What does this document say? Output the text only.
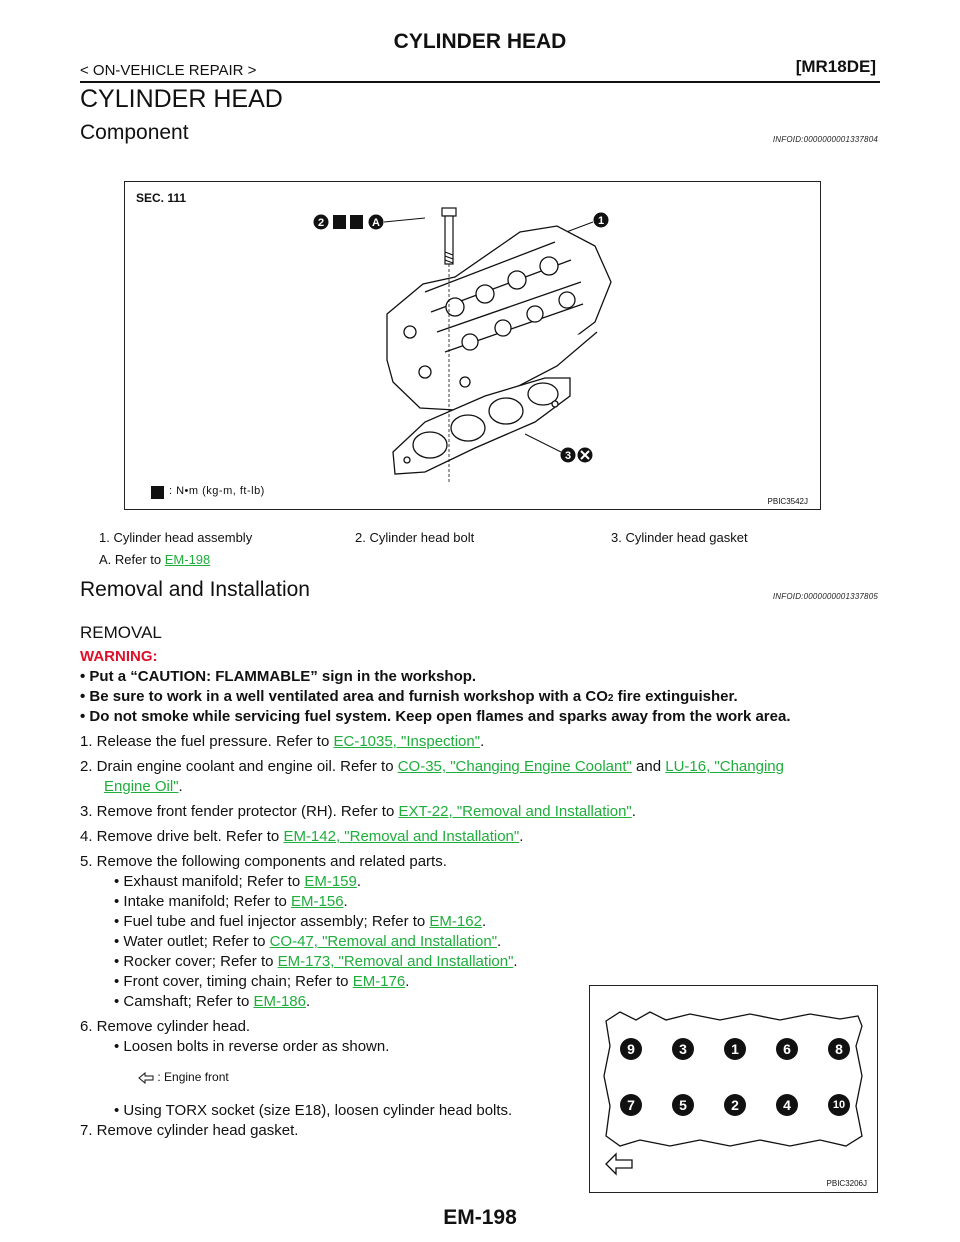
CYLINDER HEAD
< ON-VEHICLE REPAIR >	[MR18DE]
CYLINDER HEAD
Component	INFOID:0000000001337804
SEC. 111
2	A	1
3
: N•m (kg-m, ft-lb)
PBIC3542J
1. Cylinder head assembly	2. Cylinder head bolt	3. Cylinder head gasket
A. Refer to EM-198
Removal and Installation	INFOID:0000000001337805
REMOVAL
WARNING:
• Put a “CAUTION: FLAMMABLE” sign in the workshop.
• Be sure to work in a well ventilated area and furnish workshop with a CO2 fire extinguisher.
• Do not smoke while servicing fuel system. Keep open flames and sparks away from the work area.
1. Release the fuel pressure. Refer to EC-1035, "Inspection".
2. Drain engine coolant and engine oil. Refer to CO-35, "Changing Engine Coolant" and LU-16, "Changing
Engine Oil".
3. Remove front fender protector (RH). Refer to EXT-22, "Removal and Installation".
4. Remove drive belt. Refer to EM-142, "Removal and Installation".
5. Remove the following components and related parts.
• Exhaust manifold; Refer to EM-159.
• Intake manifold; Refer to EM-156.
• Fuel tube and fuel injector assembly; Refer to EM-162.
• Water outlet; Refer to CO-47, "Removal and Installation".
• Rocker cover; Refer to EM-173, "Removal and Installation".
• Front cover, timing chain; Refer to EM-176.
• Camshaft; Refer to EM-186.
6. Remove cylinder head.
• Loosen bolts in reverse order as shown.
: Engine front
• Using TORX socket (size E18), loosen cylinder head bolts.
7. Remove cylinder head gasket.
9	3	1	6	8
7	5	2	4	10
PBIC3206J
EM-198
